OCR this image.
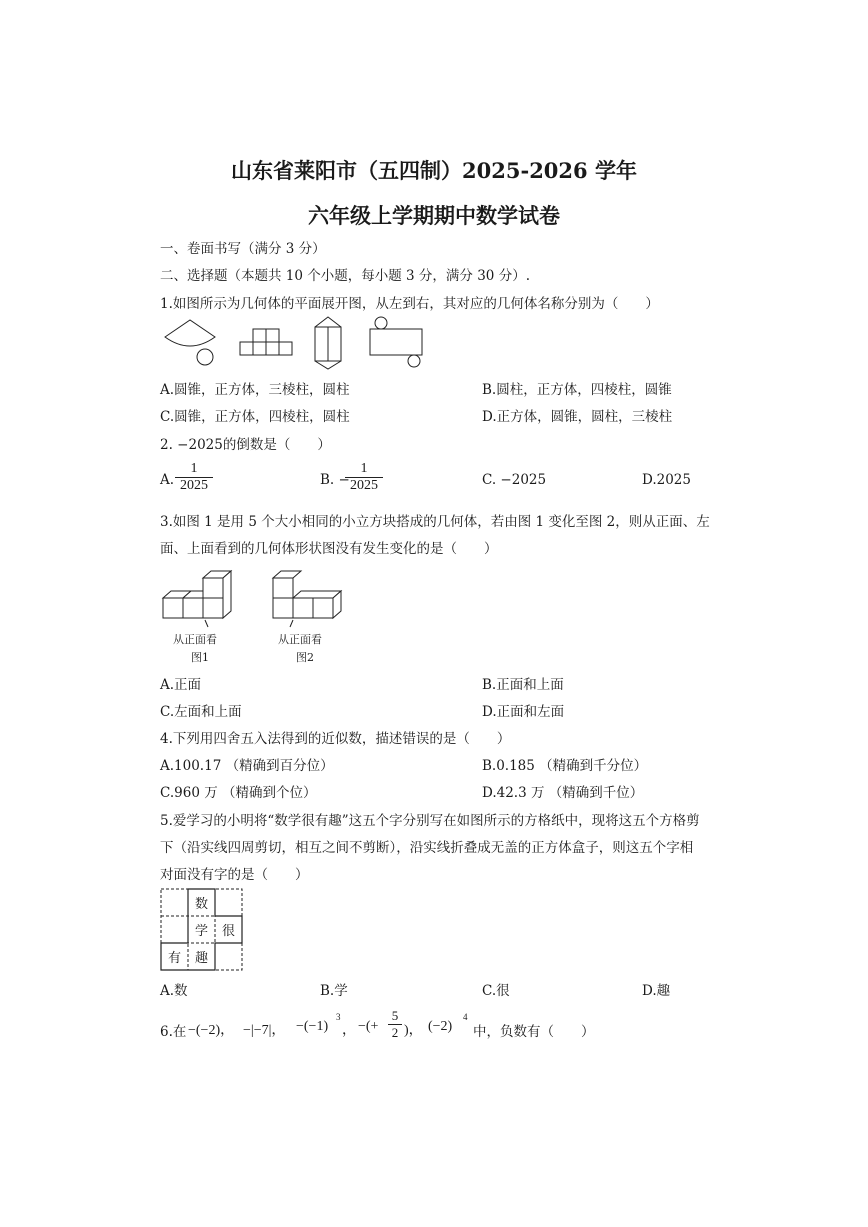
山东省莱阳市（五四制）2025-2026 学年
六年级上学期期中数学试卷
一、卷面书写（满分 3 分）
二、选择题（本题共 10 个小题，每小题 3 分，满分 30 分）.
1.如图所示为几何体的平面展开图，从左到右，其对应的几何体名称分别为（　　）
A.圆锥，正方体，三棱柱，圆柱	B.圆柱，正方体，四棱柱，圆锥
C.圆锥，正方体，四棱柱，圆柱	D.正方体，圆锥，圆柱，三棱柱
2. −2025的倒数是（　　）
A. $\frac{1}{2025}$	B. −
$\frac{1}{2025}$	C. −2025	D.2025
3.如图 1 是用 5 个大小相同的小立方块搭成的几何体，若由图 1 变化至图 2，则从正面、左
面、上面看到的几何体形状图没有发生变化的是（　　）
从正面看
图1
从正面看
图2
A.正面	B.正面和上面
C.左面和上面	D.正面和左面
4.下列用四舍五入法得到的近似数，描述错误的是（　　）
A.100.17 （精确到百分位）	B.0.185 （精确到千分位）
C.960 万 （精确到个位）	D.42.3 万 （精确到千位）
5.爱学习的小明将“数学很有趣”这五个字分别写在如图所示的方格纸中，现将这五个方格剪
下（沿实线四周剪切，相互之间不剪断），沿实线折叠成无盖的正方体盒子，则这五个字相
对面没有字的是（　　）
数
学	很
有	趣
A.数	B.学	C.很	D.趣
6.在 −(−2)， −|−7|， −(−1)
3
， −(+ $\frac{5}{2}$ )， (−2)
4
中，负数有（　　）
